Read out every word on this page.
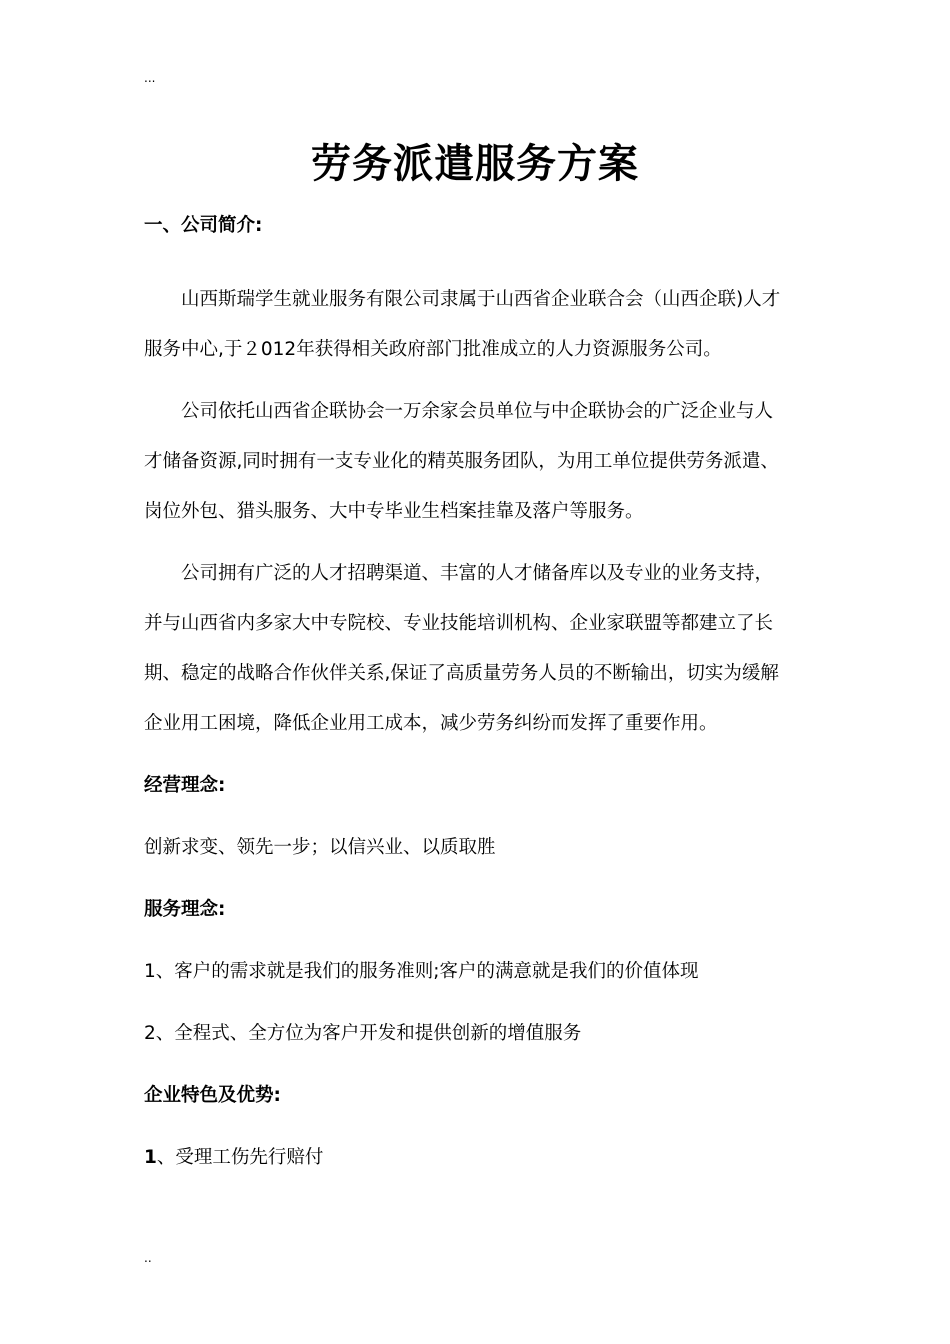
...
劳务派遣服务方案
一、公司简介:
山西斯瑞学生就业服务有限公司隶属于山西省企业联合会（山西企联)人才
服务中心,于２012年获得相关政府部门批准成立的人力资源服务公司。
公司依托山西省企联协会一万余家会员单位与中企联协会的广泛企业与人
才储备资源,同时拥有一支专业化的精英服务团队，为用工单位提供劳务派遣、
岗位外包、猎头服务、大中专毕业生档案挂靠及落户等服务。
公司拥有广泛的人才招聘渠道、丰富的人才储备库以及专业的业务支持，
并与山西省内多家大中专院校、专业技能培训机构、企业家联盟等都建立了长
期、稳定的战略合作伙伴关系,保证了高质量劳务人员的不断输出，切实为缓解
企业用工困境，降低企业用工成本，减少劳务纠纷而发挥了重要作用。
经营理念:
创新求变、领先一步；以信兴业、以质取胜
服务理念:
1、客户的需求就是我们的服务准则;客户的满意就是我们的价值体现
2、全程式、全方位为客户开发和提供创新的增值服务
企业特色及优势:
1、受理工伤先行赔付
..
